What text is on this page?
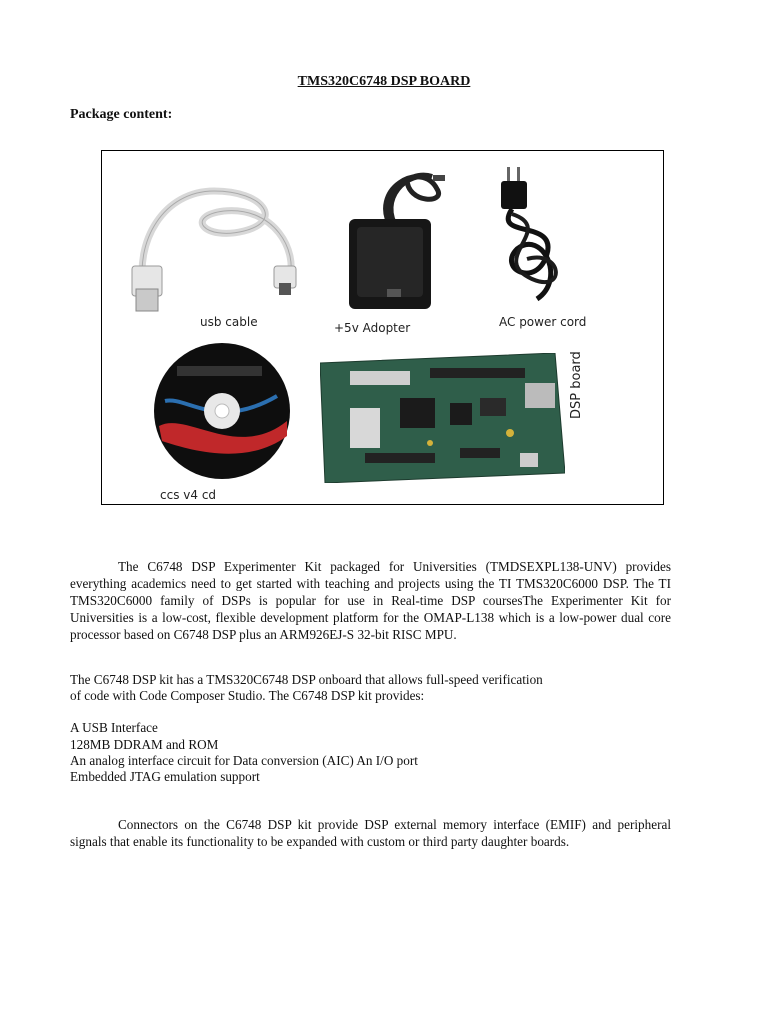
TMS320C6748 DSP BOARD
Package content:
usb cable	+5v Adopter	AC power cord
ccs v4 cd
DSP board
The C6748 DSP Experimenter Kit packaged for Universities (TMDSEXPL138-UNV) provides everything academics need to get started with teaching and projects using the TI TMS320C6000 DSP. The TI TMS320C6000 family of DSPs is popular for use in Real-time DSP coursesThe Experimenter Kit for Universities is a low-cost, flexible development platform for the OMAP-L138 which is a low-power dual core processor based on C6748 DSP plus an ARM926EJ-S 32-bit RISC MPU.
The C6748 DSP kit has a TMS320C6748 DSP onboard that allows full-speed verification
of code with Code Composer Studio. The C6748 DSP kit provides:
A USB Interface
128MB DDRAM and ROM
An analog interface circuit for Data conversion (AIC) An I/O port
Embedded JTAG emulation support
Connectors on the C6748 DSP kit provide DSP external memory interface (EMIF) and peripheral signals that enable its functionality to be expanded with custom or third party daughter boards.
